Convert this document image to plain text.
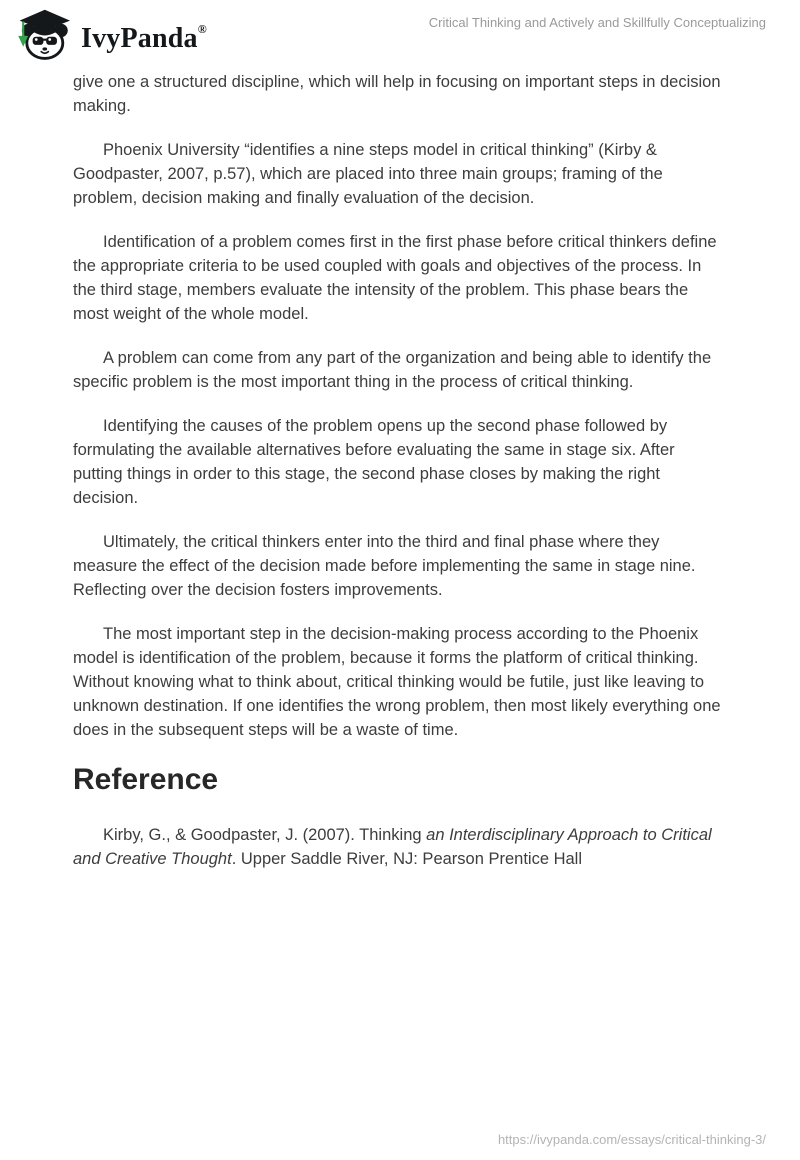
IvyPanda®	Critical Thinking and Actively and Skillfully Conceptualizing

give one a structured discipline, which will help in focusing on important steps in decision making.

Phoenix University “identifies a nine steps model in critical thinking” (Kirby & Goodpaster, 2007, p.57), which are placed into three main groups; framing of the problem, decision making and finally evaluation of the decision.

Identification of a problem comes first in the first phase before critical thinkers define the appropriate criteria to be used coupled with goals and objectives of the process. In the third stage, members evaluate the intensity of the problem. This phase bears the most weight of the whole model.

A problem can come from any part of the organization and being able to identify the specific problem is the most important thing in the process of critical thinking.

Identifying the causes of the problem opens up the second phase followed by formulating the available alternatives before evaluating the same in stage six. After putting things in order to this stage, the second phase closes by making the right decision.

Ultimately, the critical thinkers enter into the third and final phase where they measure the effect of the decision made before implementing the same in stage nine. Reflecting over the decision fosters improvements.

The most important step in the decision-making process according to the Phoenix model is identification of the problem, because it forms the platform of critical thinking. Without knowing what to think about, critical thinking would be futile, just like leaving to unknown destination. If one identifies the wrong problem, then most likely everything one does in the subsequent steps will be a waste of time.

Reference

Kirby, G., & Goodpaster, J. (2007). Thinking an Interdisciplinary Approach to Critical and Creative Thought. Upper Saddle River, NJ: Pearson Prentice Hall

https://ivypanda.com/essays/critical-thinking-3/
